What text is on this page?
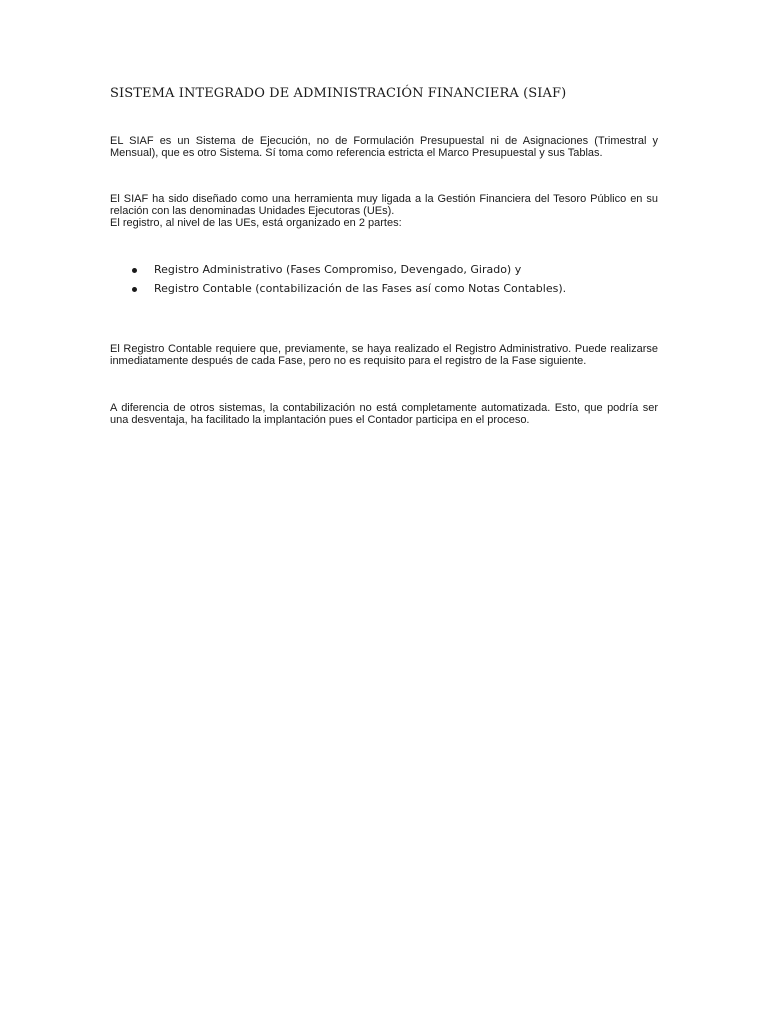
SISTEMA INTEGRADO DE ADMINISTRACIÓN FINANCIERA (SIAF)

EL SIAF es un Sistema de Ejecución, no de Formulación Presupuestal ni de Asignaciones (Trimestral y Mensual), que es otro Sistema. Sí toma como referencia estricta el Marco Presupuestal y sus Tablas.

El SIAF ha sido diseñado como una herramienta muy ligada a la Gestión Financiera del Tesoro Público en su relación con las denominadas Unidades Ejecutoras (UEs).
El registro, al nivel de las UEs, está organizado en 2 partes:
Registro Administrativo (Fases Compromiso, Devengado, Girado) y
Registro Contable (contabilización de las Fases así como Notas Contables).

El Registro Contable requiere que, previamente, se haya realizado el Registro Administrativo. Puede realizarse inmediatamente después de cada Fase, pero no es requisito para el registro de la Fase siguiente.

A diferencia de otros sistemas, la contabilización no está completamente automatizada. Esto, que podría ser una desventaja, ha facilitado la implantación pues el Contador participa en el proceso.
